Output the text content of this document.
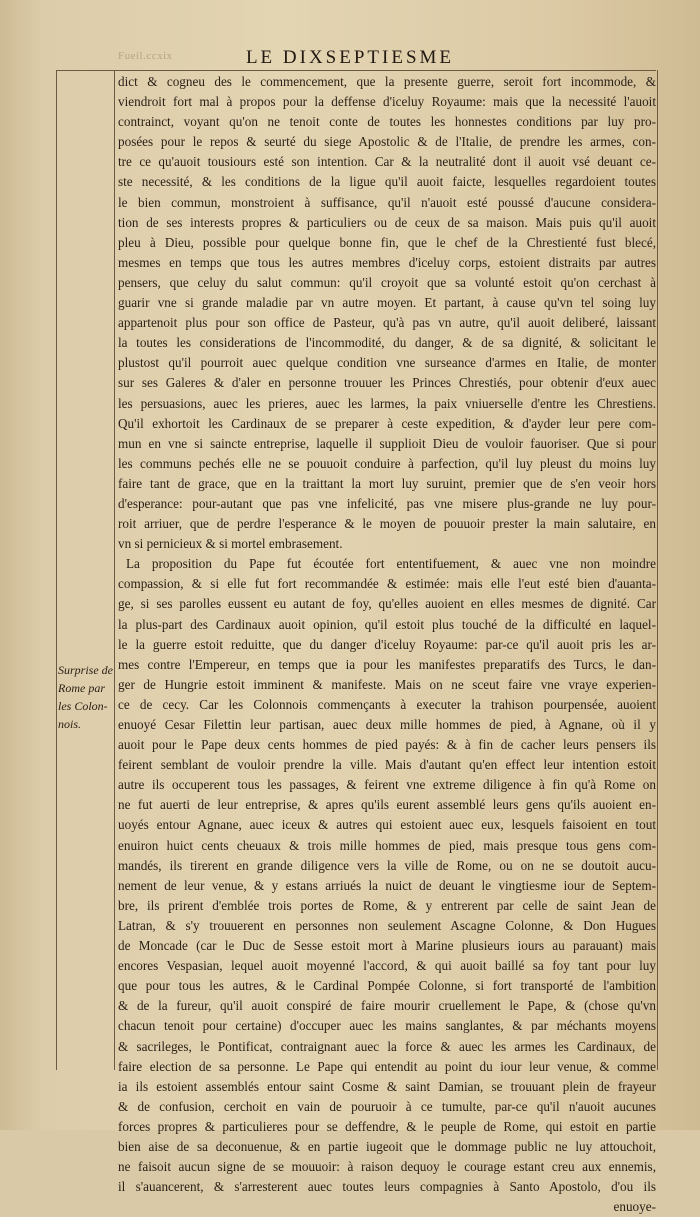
Fueil.ccxix	LE DIXSEPTIESME
Surprise de
Rome par
les Colon-
nois.
dict & cogneu des le commencement, que la presente guerre, seroit fort incommode, &
viendroit fort mal à propos pour la deffense d'iceluy Royaume: mais que la necessité l'auoit
contrainct, voyant qu'on ne tenoit conte de toutes les honnestes conditions par luy pro-
posées pour le repos & seurté du siege Apostolic & de l'Italie, de prendre les armes, con-
tre ce qu'auoit tousiours esté son intention. Car & la neutralité dont il auoit vsé deuant ce-
ste necessité, & les conditions de la ligue qu'il auoit faicte, lesquelles regardoient toutes
le bien commun, monstroient à suffisance, qu'il n'auoit esté poussé d'aucune considera-
tion de ses interests propres & particuliers ou de ceux de sa maison. Mais puis qu'il auoit
pleu à Dieu, possible pour quelque bonne fin, que le chef de la Chrestienté fust blecé,
mesmes en temps que tous les autres membres d'iceluy corps, estoient distraits par autres
pensers, que celuy du salut commun: qu'il croyoit que sa volunté estoit qu'on cerchast à
guarir vne si grande maladie par vn autre moyen. Et partant, à cause qu'vn tel soing luy
appartenoit plus pour son office de Pasteur, qu'à pas vn autre, qu'il auoit deliberé, laissant
la toutes les considerations de l'incommodité, du danger, & de sa dignité, & solicitant le
plustost qu'il pourroit auec quelque condition vne surseance d'armes en Italie, de monter
sur ses Galeres & d'aler en personne trouuer les Princes Chrestiés, pour obtenir d'eux auec
les persuasions, auec les prieres, auec les larmes, la paix vniuerselle d'entre les Chrestiens.
Qu'il exhortoit les Cardinaux de se preparer à ceste expedition, & d'ayder leur pere com-
mun en vne si saincte entreprise, laquelle il supplioit Dieu de vouloir fauoriser. Que si pour
les communs pechés elle ne se pouuoit conduire à parfection, qu'il luy pleust du moins luy
faire tant de grace, que en la traittant la mort luy suruint, premier que de s'en veoir hors
d'esperance: pour-autant que pas vne infelicité, pas vne misere plus-grande ne luy pour-
roit arriuer, que de perdre l'esperance & le moyen de pouuoir prester la main salutaire, en
vn si pernicieux & si mortel embrasement.
La proposition du Pape fut écoutée fort ententifuement, & auec vne non moindre
compassion, & si elle fut fort recommandée & estimée: mais elle l'eut esté bien d'auanta-
ge, si ses parolles eussent eu autant de foy, qu'elles auoient en elles mesmes de dignité. Car
la plus-part des Cardinaux auoit opinion, qu'il estoit plus touché de la difficulté en laquel-
le la guerre estoit reduitte, que du danger d'iceluy Royaume: par-ce qu'il auoit pris les ar-
mes contre l'Empereur, en temps que ia pour les manifestes preparatifs des Turcs, le dan-
ger de Hungrie estoit imminent & manifeste. Mais on ne sceut faire vne vraye experien-
ce de cecy. Car les Colonnois commençants à executer la trahison pourpensée, auoient
enuoyé Cesar Filettin leur partisan, auec deux mille hommes de pied, à Agnane, où il y
auoit pour le Pape deux cents hommes de pied payés: & à fin de cacher leurs pensers ils
feirent semblant de vouloir prendre la ville. Mais d'autant qu'en effect leur intention estoit
autre ils occuperent tous les passages, & feirent vne extreme diligence à fin qu'à Rome on
ne fut auerti de leur entreprise, & apres qu'ils eurent assemblé leurs gens qu'ils auoient en-
uoyés entour Agnane, auec iceux & autres qui estoient auec eux, lesquels faisoient en tout
enuiron huict cents cheuaux & trois mille hommes de pied, mais presque tous gens com-
mandés, ils tirerent en grande diligence vers la ville de Rome, ou on ne se doutoit aucu-
nement de leur venue, & y estans arriués la nuict de deuant le vingtiesme iour de Septem-
bre, ils prirent d'emblée trois portes de Rome, & y entrerent par celle de saint Jean de
Latran, & s'y trouuerent en personnes non seulement Ascagne Colonne, & Don Hugues
de Moncade (car le Duc de Sesse estoit mort à Marine plusieurs iours au parauant) mais
encores Vespasian, lequel auoit moyenné l'accord, & qui auoit baillé sa foy tant pour luy
que pour tous les autres, & le Cardinal Pompée Colonne, si fort transporté de l'ambition
& de la fureur, qu'il auoit conspiré de faire mourir cruellement le Pape, & (chose qu'vn
chacun tenoit pour certaine) d'occuper auec les mains sanglantes, & par méchants moyens
& sacrileges, le Pontificat, contraignant auec la force & auec les armes les Cardinaux, de
faire election de sa personne. Le Pape qui entendit au point du iour leur venue, & comme
ia ils estoient assemblés entour saint Cosme & saint Damian, se trouuant plein de frayeur
& de confusion, cerchoit en vain de pouruoir à ce tumulte, par-ce qu'il n'auoit aucunes
forces propres & particulieres pour se deffendre, & le peuple de Rome, qui estoit en partie
bien aise de sa deconuenue, & en partie iugeoit que le dommage public ne luy attouchoit,
ne faisoit aucun signe de se mouuoir: à raison dequoy le courage estant creu aux ennemis,
il s'auancerent, & s'arresterent auec toutes leurs compagnies à Santo Apostolo, d'ou ils
enuoye-
